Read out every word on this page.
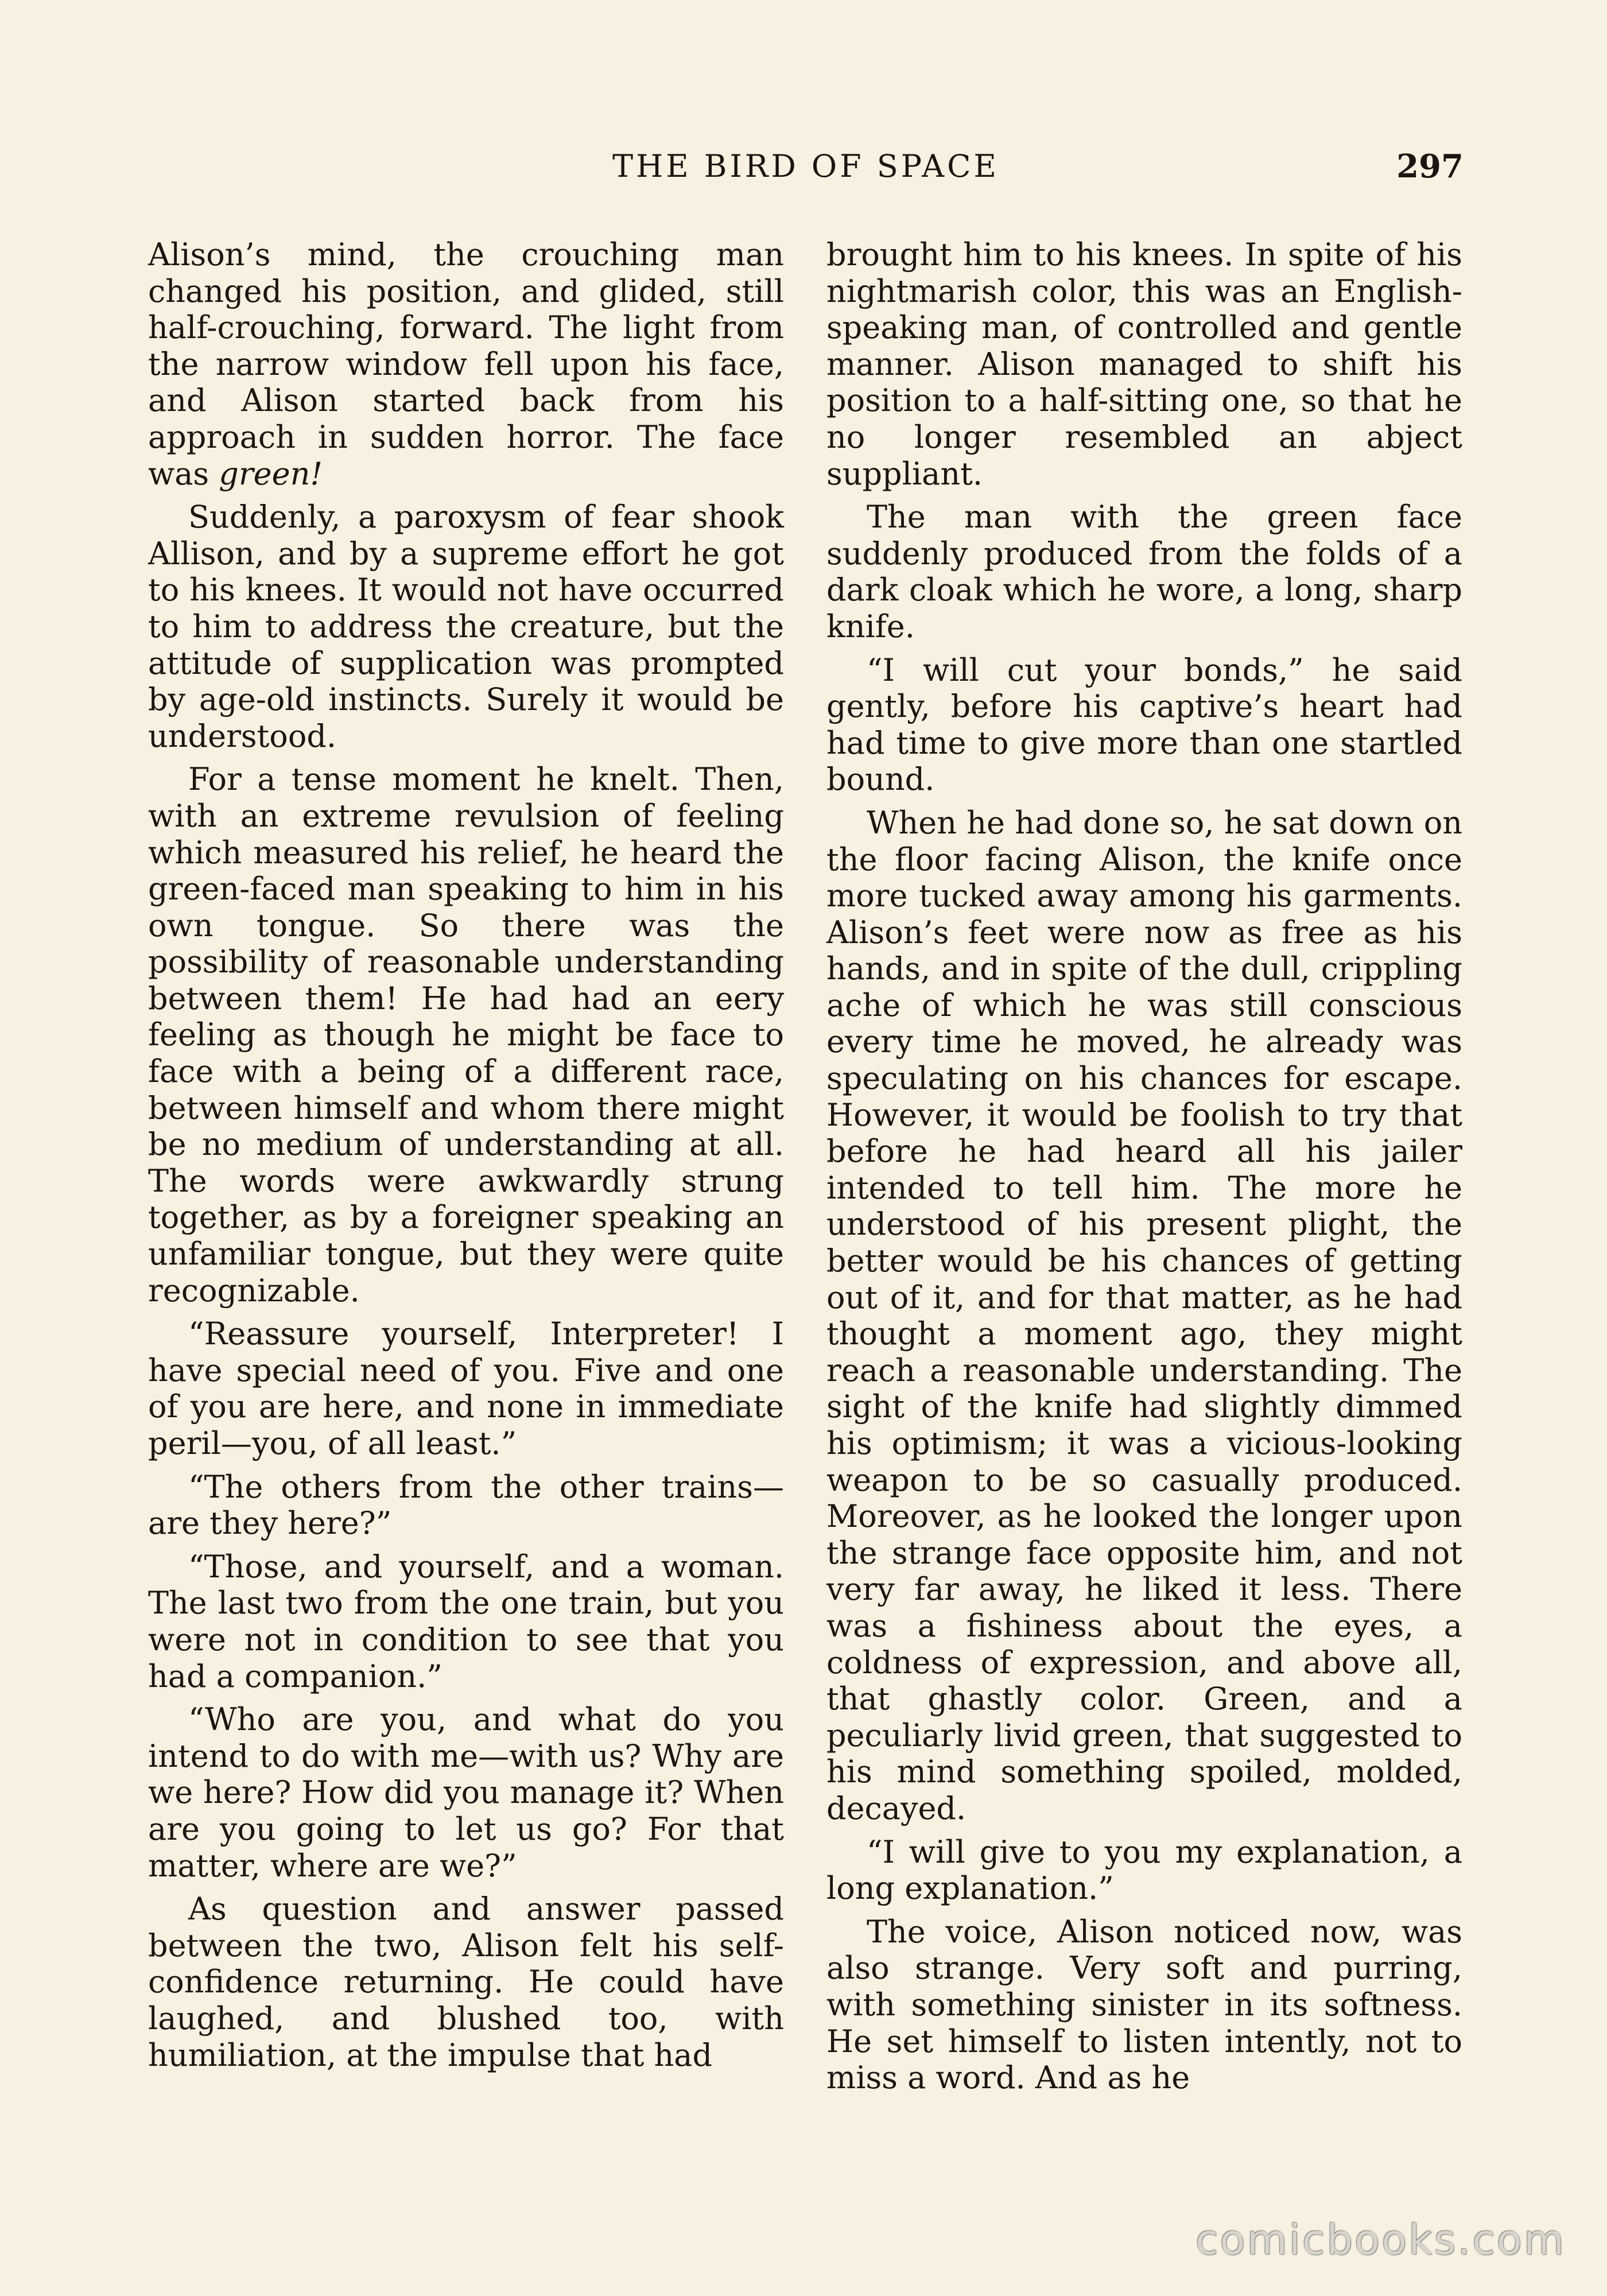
THE BIRD OF SPACE	297

Alison’s mind, the crouching man changed his position, and glided, still half-crouching, forward. The light from the narrow window fell upon his face, and Alison started back from his approach in sudden horror. The face was green!

Suddenly, a paroxysm of fear shook Allison, and by a supreme effort he got to his knees. It would not have occurred to him to address the creature, but the attitude of supplication was prompted by age-old instincts. Surely it would be understood.

For a tense moment he knelt. Then, with an extreme revulsion of feeling which measured his relief, he heard the green-faced man speaking to him in his own tongue. So there was the possibility of reasonable understanding between them! He had had an eery feeling as though he might be face to face with a being of a different race, between himself and whom there might be no medium of understanding at all. The words were awkwardly strung together, as by a foreigner speaking an unfamiliar tongue, but they were quite recognizable.

“Reassure yourself, Interpreter! I have special need of you. Five and one of you are here, and none in immediate peril—you, of all least.”

“The others from the other trains—are they here?”

“Those, and yourself, and a woman. The last two from the one train, but you were not in condition to see that you had a companion.”

“Who are you, and what do you intend to do with me—with us? Why are we here? How did you manage it? When are you going to let us go? For that matter, where are we?”

As question and answer passed between the two, Alison felt his self-confidence returning. He could have laughed, and blushed too, with humiliation, at the impulse that had

brought him to his knees. In spite of his nightmarish color, this was an English-speaking man, of controlled and gentle manner. Alison managed to shift his position to a half-sitting one, so that he no longer resembled an abject suppliant.

The man with the green face suddenly produced from the folds of a dark cloak which he wore, a long, sharp knife.

“I will cut your bonds,” he said gently, before his captive’s heart had had time to give more than one startled bound.

When he had done so, he sat down on the floor facing Alison, the knife once more tucked away among his garments. Alison’s feet were now as free as his hands, and in spite of the dull, crippling ache of which he was still conscious every time he moved, he already was speculating on his chances for escape. However, it would be foolish to try that before he had heard all his jailer intended to tell him. The more he understood of his present plight, the better would be his chances of getting out of it, and for that matter, as he had thought a moment ago, they might reach a reasonable understanding. The sight of the knife had slightly dimmed his optimism; it was a vicious-looking weapon to be so casually produced. Moreover, as he looked the longer upon the strange face opposite him, and not very far away, he liked it less. There was a fishiness about the eyes, a coldness of expression, and above all, that ghastly color. Green, and a peculiarly livid green, that suggested to his mind something spoiled, molded, decayed.

“I will give to you my explanation, a long explanation.”

The voice, Alison noticed now, was also strange. Very soft and purring, with something sinister in its softness. He set himself to listen intently, not to miss a word. And as he

comicbooks.com
